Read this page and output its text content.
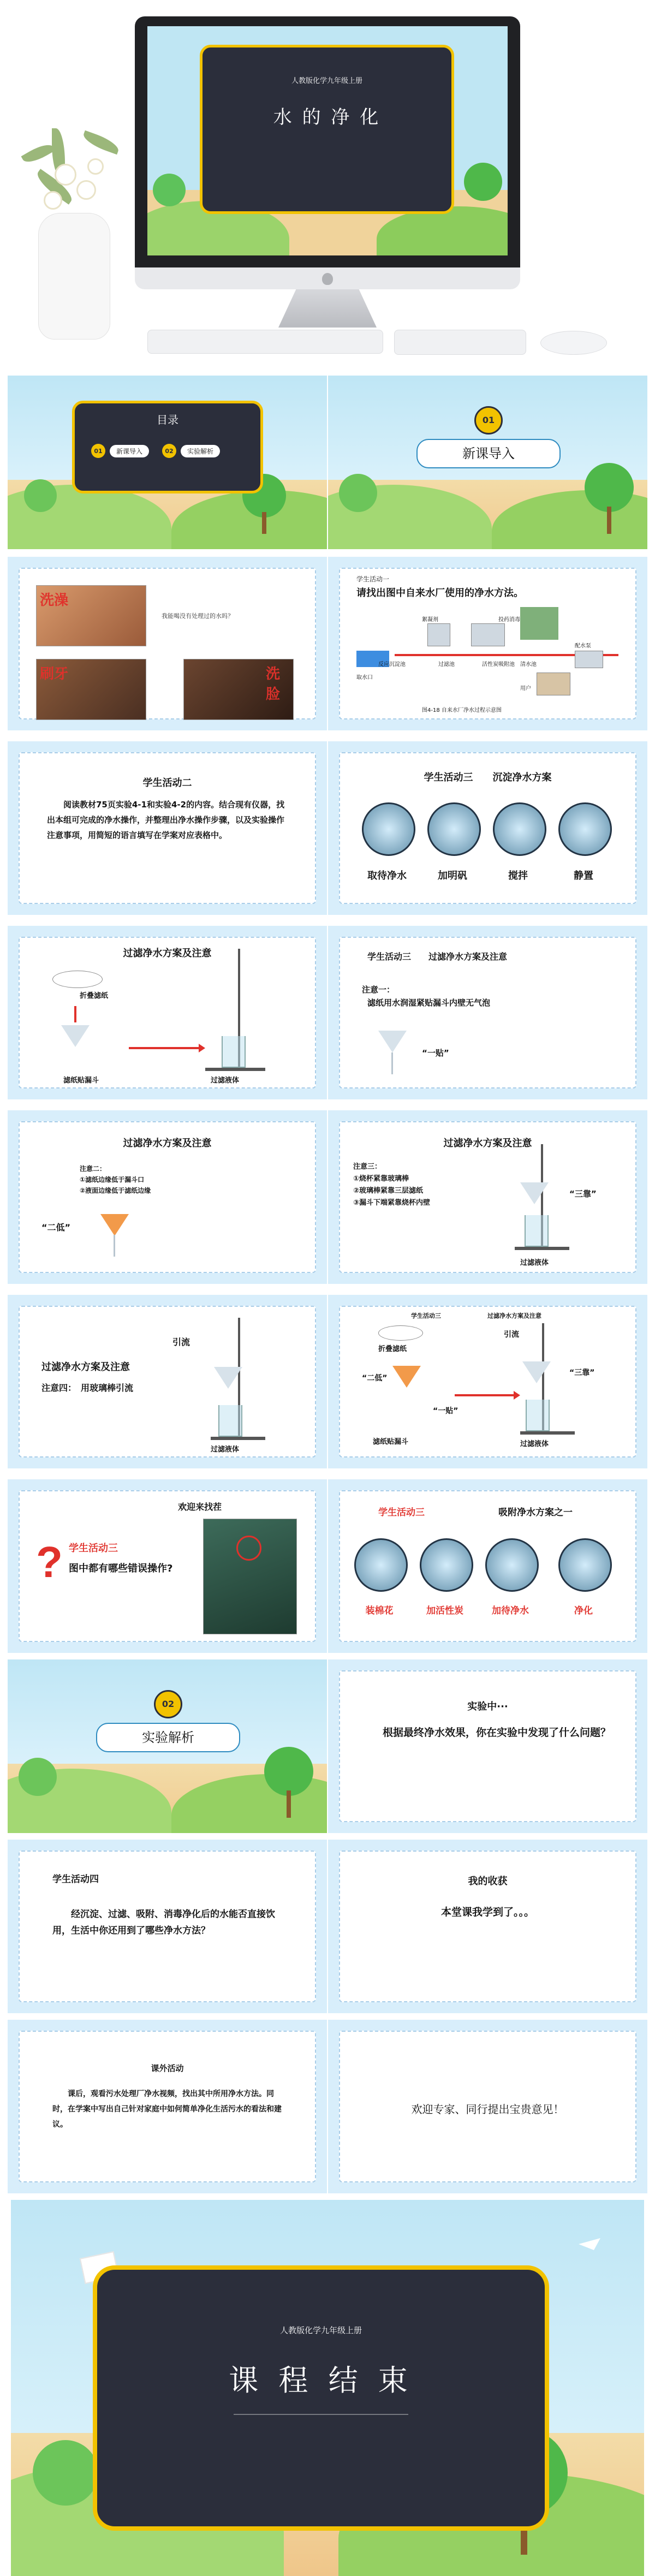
人教版化学九年级上册
水 的 净 化
目录
01	新课导入	02	实验解析
01
新课导入
洗澡
我能喝没有处理过的水吗？
刷牙	洗脸
学生活动一
请找出图中自来水厂使用的净水方法。
取水口
絮凝剂
反应沉淀池	过滤池	活性炭吸附池 清水池
投药消毒
配水泵
用户
图4-18 自来水厂净水过程示意图
学生活动二
阅读教材75页实验4-1和实验4-2的内容。结合现有仪器，找出本组可完成的净水操作，并整理出净水操作步骤，以及实验操作注意事项，用简短的语言填写在学案对应表格中。
学生活动三　　沉淀净水方案
取待净水	加明矾	搅拌	静置
过滤净水方案及注意
折叠滤纸
滤纸贴漏斗	过滤液体
学生活动三　　过滤净水方案及注意
注意一：
滤纸用水润湿紧贴漏斗内壁无气泡
“一贴”
过滤净水方案及注意
注意二：
①滤纸边缘低于漏斗口
②液面边缘低于滤纸边缘
“二低”
过滤净水方案及注意
注意三：
①烧杯紧靠玻璃棒
②玻璃棒紧靠三层滤纸
③漏斗下端紧靠烧杯内壁
“三靠”
过滤液体
引流
过滤净水方案及注意
注意四：　用玻璃棒引流
过滤液体
学生活动三	过滤净水方案及注意
折叠滤纸
“二低”
“一贴”
滤纸贴漏斗
引流
“三靠”
过滤液体
欢迎来找茬
? 学生活动三
图中都有哪些错误操作?
学生活动三	吸附净水方案之一
装棉花	加活性炭	加待净水	净化
02
实验解析
实验中···
根据最终净水效果，你在实验中发现了什么问题？
学生活动四
经沉淀、过滤、吸附、消毒净化后的水能否直接饮用，生活中你还用到了哪些净水方法？
我的收获
本堂课我学到了。。。
课外活动
课后，观看污水处理厂净水视频，找出其中所用净水方法。同时，在学案中写出自己针对家庭中如何简单净化生活污水的看法和建议。
欢迎专家、同行提出宝贵意见！
人教版化学九年级上册
课 程 结 束
